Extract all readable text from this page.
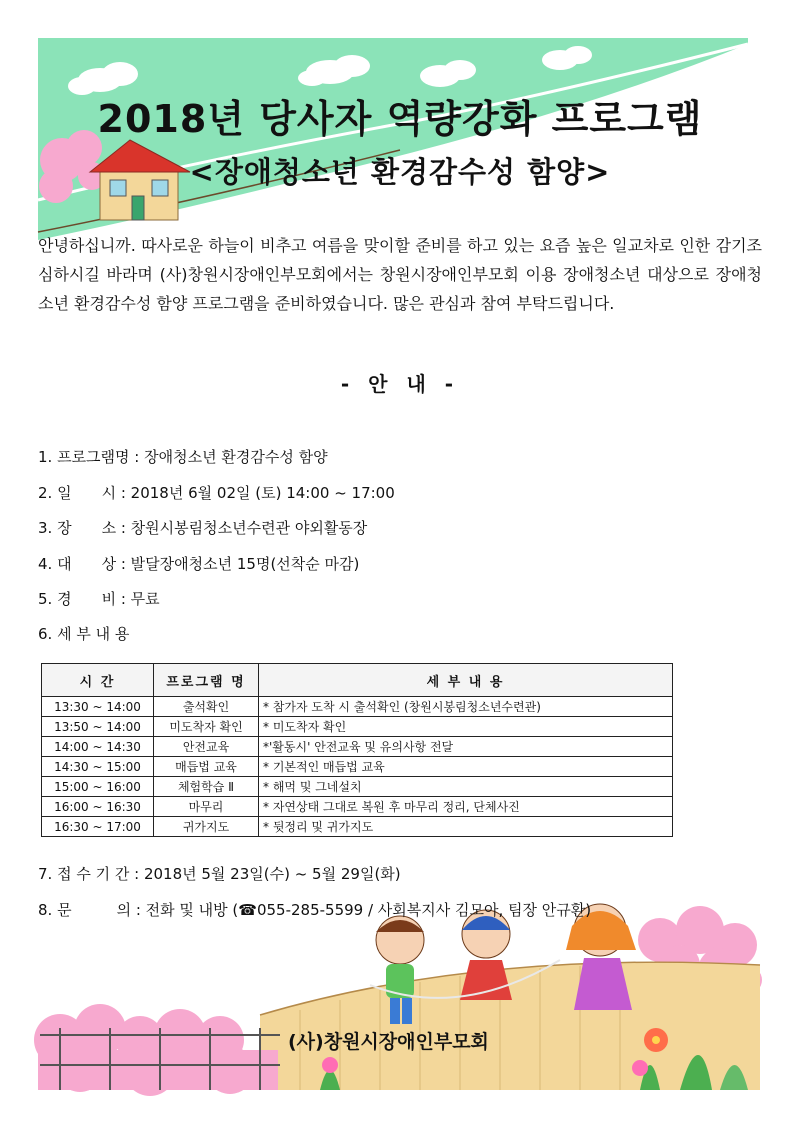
2018년 당사자 역량강화 프로그램
<장애청소년 환경감수성 함양>
안녕하십니까. 따사로운 하늘이 비추고 여름을 맞이할 준비를 하고 있는 요즘 높은 일교차로 인한 감기조심하시길 바라며 (사)창원시장애인부모회에서는 창원시장애인부모회 이용 장애청소년 대상으로 장애청소년 환경감수성 함양 프로그램을 준비하였습니다. 많은 관심과 참여 부탁드립니다.
- 안 내 -
1. 프로그램명 : 장애청소년 환경감수성 함양
2. 일　　시 : 2018년 6월 02일 (토) 14:00 ~ 17:00
3. 장　　소 : 창원시봉림청소년수련관 야외활동장
4. 대　　상 : 발달장애청소년 15명(선착순 마감)
5. 경　　비 : 무료
6. 세 부 내 용
시 간	프로그램 명	세 부 내 용
13:30 ~ 14:00	출석확인	* 참가자 도착 시 출석확인 (창원시봉림청소년수련관)
13:50 ~ 14:00	미도착자 확인	* 미도착자 확인
14:00 ~ 14:30	안전교육	*'활동시' 안전교육 및 유의사항 전달
14:30 ~ 15:00	매듭법 교육	* 기본적인 매듭법 교육
15:00 ~ 16:00	체험학습 Ⅱ	* 해먹 및 그네설치
16:00 ~ 16:30	마무리	* 자연상태 그대로 복원 후 마무리 정리, 단체사진
16:30 ~ 17:00	귀가지도	* 뒷정리 및 귀가지도
7. 접 수 기 간 : 2018년 5월 23일(수) ~ 5월 29일(화)
8. 문　　　의 : 전화 및 내방 (☎055-285-5599 / 사회복지사 김모아, 팀장 안규환)
(사)창원시장애인부모회
